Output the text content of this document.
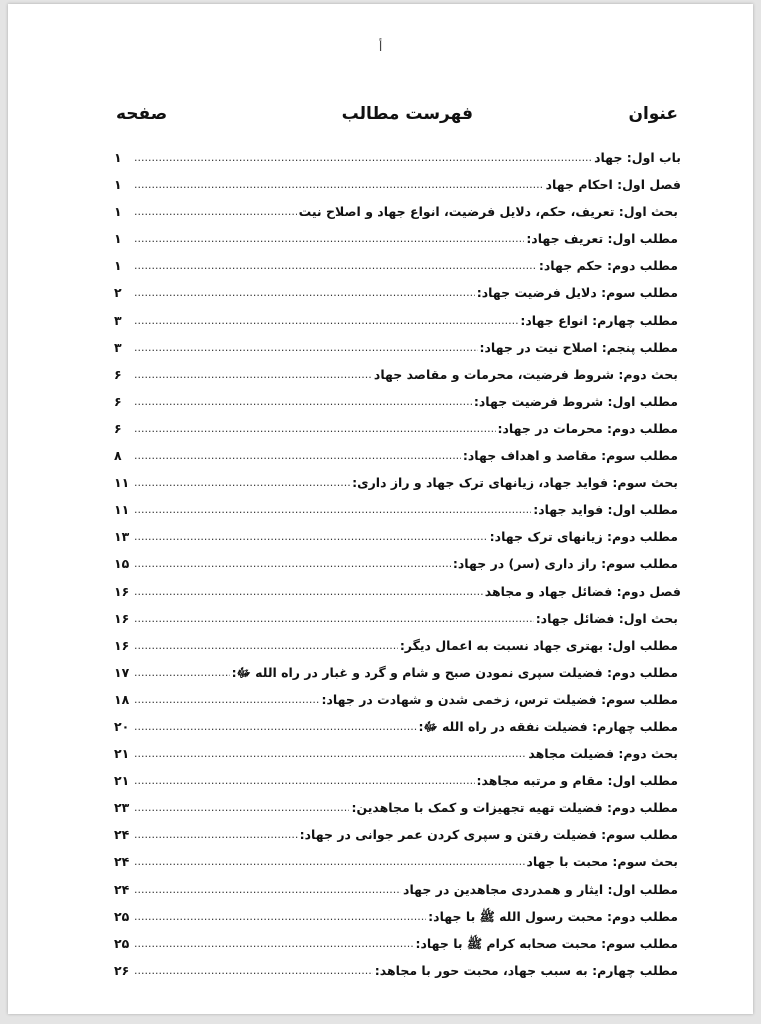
أ
عنوان
فهرست مطالب
صفحه
باب اول: جهاد
.....
۱
فصل اول: احکام جهاد
.....
۱
بحث اول: تعریف، حکم، دلایل فرضیت، انواع جهاد و اصلاح نیت
.....
۱
مطلب اول: تعریف جهاد:
.....
۱
مطلب دوم: حکم جهاد:
.....
۱
مطلب سوم: دلایل فرضیت جهاد:
.....
۲
مطلب چهارم: انواع جهاد:
.....
۳
مطلب پنجم: اصلاح نیت در جهاد:
.....
۳
بحث دوم: شروط فرضیت، محرمات و مقاصد جهاد
.....
۶
مطلب اول: شروط فرضیت جهاد:
.....
۶
مطلب دوم: محرمات در جهاد:
.....
۶
مطلب سوم: مقاصد و اهداف جهاد:
.....
۸
بحث سوم: فواید جهاد، زیانهای ترک جهاد و راز داری:
.....
۱۱
مطلب اول: فواید جهاد:
.....
۱۱
مطلب دوم: زیانهای ترک جهاد:
.....
۱۳
مطلب سوم: راز داری (سر) در جهاد:
.....
۱۵
فصل دوم: فضائل جهاد و مجاهد
.....
۱۶
بحث اول: فضائل جهاد:
.....
۱۶
مطلب اول: بهتری جهاد نسبت به اعمال دیگر:
.....
۱۶
مطلب دوم: فضیلت سپری نمودن صبح و شام و گرد و غبار در راه الله ﷻ:
.....
۱۷
مطلب سوم: فضیلت ترس، زخمی شدن و شهادت در جهاد:
.....
۱۸
مطلب چهارم: فضیلت نفقه در راه الله ﷻ:
.....
۲۰
بحث دوم: فضیلت مجاهد
.....
۲۱
مطلب اول: مقام و مرتبه مجاهد:
.....
۲۱
مطلب دوم: فضیلت تهیه تجهیزات و کمک با مجاهدین:
.....
۲۳
مطلب سوم: فضیلت رفتن و سپری کردن عمر جوانی در جهاد:
.....
۲۴
بحث سوم: محبت با جهاد
.....
۲۴
مطلب اول: ایثار و همدردی مجاهدین در جهاد
.....
۲۴
مطلب دوم: محبت رسول الله ﷺ با جهاد:
.....
۲۵
مطلب سوم: محبت صحابه کرام ﷺ با جهاد:
.....
۲۵
مطلب چهارم: به سبب جهاد، محبت حور با مجاهد:
.....
۲۶
